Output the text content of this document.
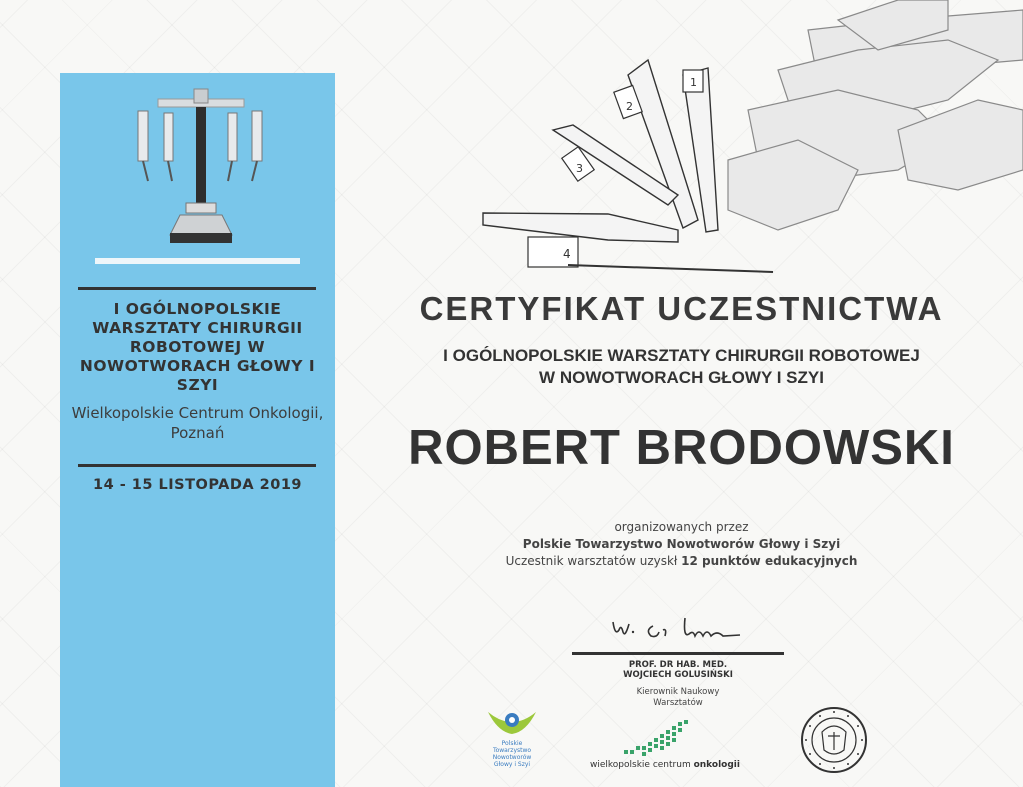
I OGÓLNOPOLSKIE WARSZTATY CHIRURGII ROBOTOWEJ W NOWOTWORACH GŁOWY I SZYI
Wielkopolskie Centrum Onkologii, Poznań
14 - 15 LISTOPADA 2019
2
1
3
4
CERTYFIKAT UCZESTNICTWA
I OGÓLNOPOLSKIE WARSZTATY CHIRURGII ROBOTOWEJ
W NOWOTWORACH GŁOWY I SZYI
ROBERT BRODOWSKI
organizowanych przez
Polskie Towarzystwo Nowotworów Głowy i Szyi
Uczestnik warsztatów uzyskł 12 punktów edukacyjnych
PROF. DR HAB. MED.
WOJCIECH GOLUSIŃSKI
Kierownik Naukowy
Warsztatów
Polskie
Towarzystwo
Nowotworów
Głowy i Szyi	wielkopolskie centrum onkologii
